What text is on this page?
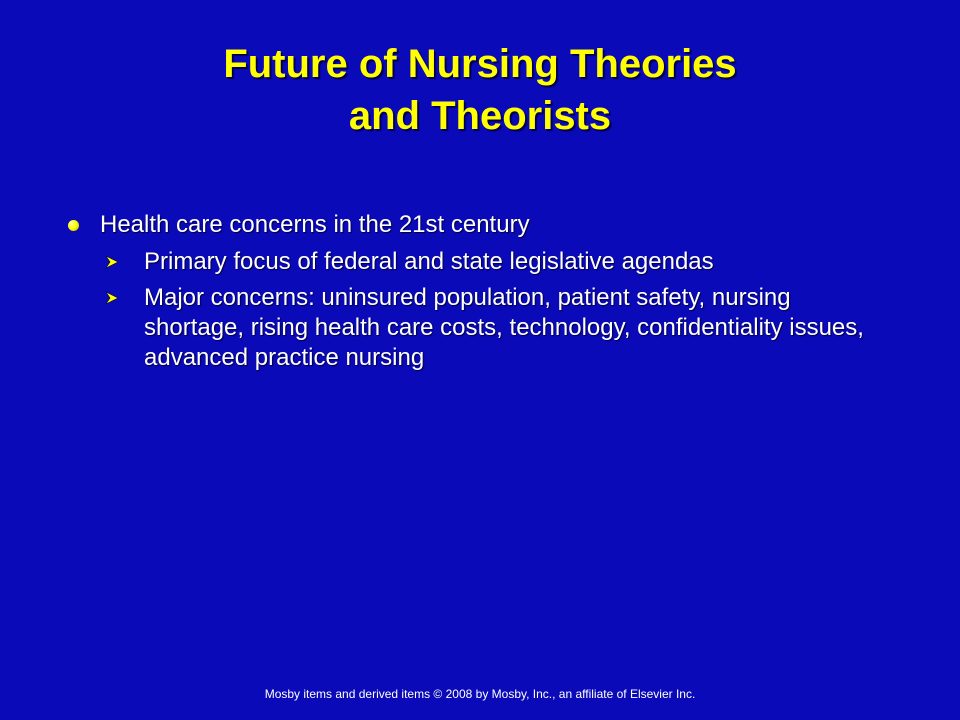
Future of Nursing Theories
and Theorists
Health care concerns in the 21st century
Primary focus of federal and state legislative agendas
Major concerns: uninsured population, patient safety, nursing shortage, rising health care costs, technology, confidentiality issues, advanced practice nursing
Mosby items and derived items © 2008 by Mosby, Inc., an affiliate of Elsevier Inc.
